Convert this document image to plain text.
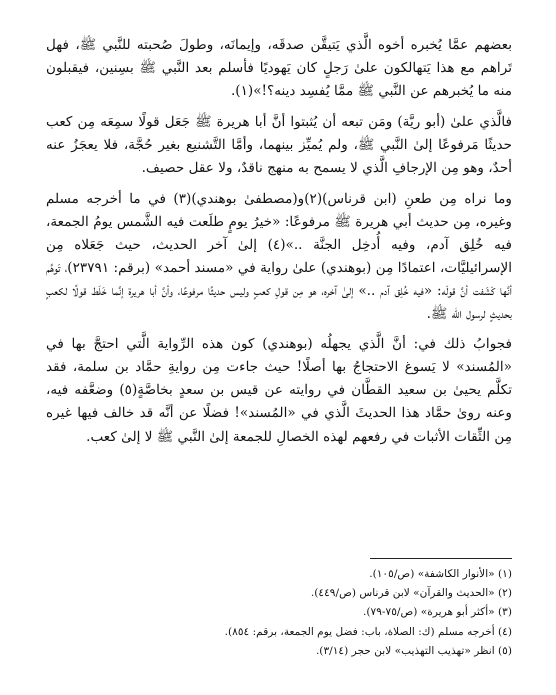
بعضهم عمَّا يُخبره أخوه الَّذي يَتيقَّن صدقَه، وإيمانَه، وطولَ صُحبته للنَّبي ﷺ، فهل تَراهم مع هذا يَتهالكون علىٰ رَجلٍ كان يَهوديًا فأسلم بعد النَّبي ﷺ بسِنين، فيقبلون منه ما يُخبرهم عن النَّبي ﷺ ممَّا يُفسِد دينه؟!»(١).

فالَّذي علىٰ (أبو ريَّة) ومَن تبعه أن يُثبتوا أنَّ أبا هريرة ﷺ جَعَل قولًا سمِعَه مِن كعب حديثًا مَرفوعًا إلىٰ النَّبي ﷺ، ولم يُميِّز بينهما، وأمَّا التَّشنيع بغير حُجَّة، فلا يعجَزُ عنه أحدٌ، وهو مِن الإرجافِ الَّذي لا يسمح به منهج ناقدٌ، ولا عقل حصيف.

وما نراه مِن طعنِ (ابن قرناس)(٢)و(مصطفىٰ بوهندي)(٣) في ما أخرجه مسلم وغيره، مِن حديث أبي هريرة ﷺ مرفوعًا: «خيرُ يومٍ طلَعت فيه الشَّمس يومُ الجمعة، فيه خُلِق آدم، وفيه أُدخِل الجنَّة ..»(٤) إلىٰ آخر الحديث، حيث جَعَلاه مِن الإسرائيليَّات، اعتمادًا مِن (بوهندي) علىٰ رواية في «مسند أحمد» (برقم: ٢٣٧٩١)، تَوهَّم أنَّها كَشَفت أنَّ قولَه: «فيه خُلِق آدم ..» إلىٰ آخره، هو مِن قولِ كعبٍ وليس حديثًا مرفوعًا، وأنَّ أبا هريرة إنَّما خَلَط قولًا لكعبٍ بحديثٍ لرسول الله ﷺ.

فجوابُ ذلك في: أنَّ الَّذي يجهلُه (بوهندي) كون هذه الرِّواية الَّتي احتجَّ بها في «المُسند» لا يَسوغ الاحتجاجُ بها أصلًا! حيث جاءت مِن روايةِ حمَّاد بن سلمة، فقد تكلَّم يحيىٰ بن سعيد القطَّان في روايته عن قيس بن سعدٍ بخاصَّةٍ(٥) وضعَّفه فيه، وعنه روىٰ حمَّاد هذا الحديثَ الَّذي في «المُسند»! فضلًا عن أنَّه قد خالف فيها غيره مِن الثِّقات الأثبات في رفعهم لهذه الخصالِ للجمعة إلىٰ النَّبي ﷺ لا إلىٰ كعب.

(١) «الأنوار الكاشفة» (ص/١٠٥).

(٢) «الحديث والقرآن» لابن قرناس (ص/٤٤٩).

(٣) «أكثر أبو هريرة» (ص/٧٥-٧٩).

(٤) أخرجه مسلم (ك: الصلاة، باب: فضل يوم الجمعة، برقم: ٨٥٤).

(٥) انظر «تهذيب التهذيب» لابن حجر (٣/١٤).
